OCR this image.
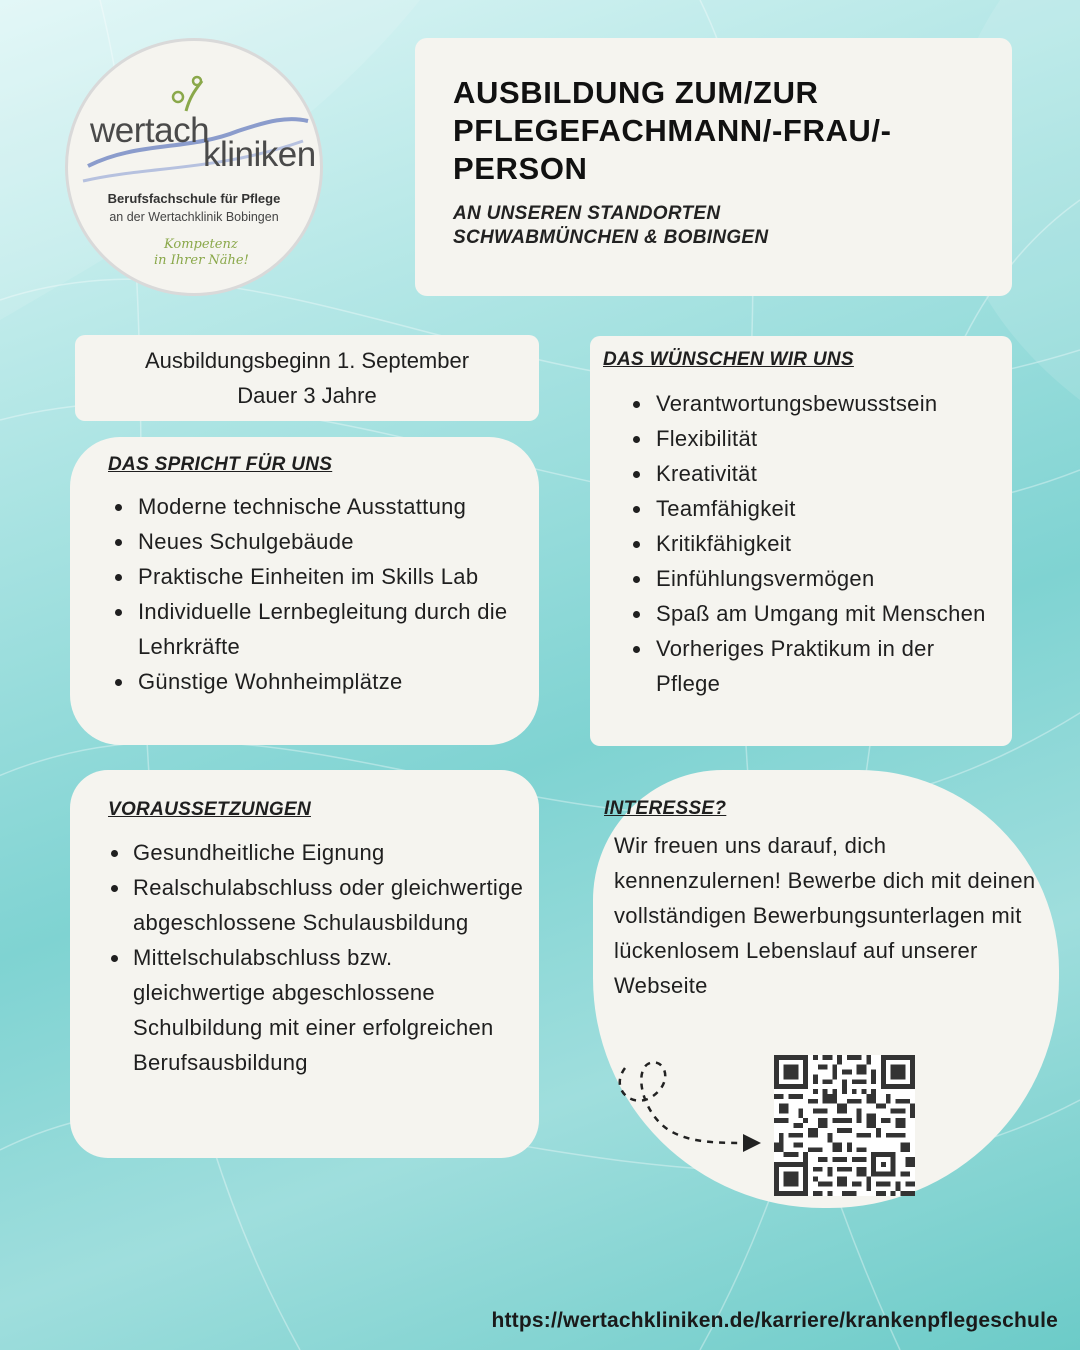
wertach
kliniken
Berufsfachschule für Pflege
an der Wertachklinik Bobingen
Kompetenz
in Ihrer Nähe!
AUSBILDUNG ZUM/ZUR PFLEGEFACHMANN/-FRAU/-PERSON
AN UNSEREN STANDORTEN
SCHWABMÜNCHEN & BOBINGEN
Ausbildungsbeginn 1. September
Dauer 3 Jahre
DAS SPRICHT FÜR UNS
Moderne technische Ausstattung
Neues Schulgebäude
Praktische Einheiten im Skills Lab
Individuelle Lernbegleitung durch die Lehrkräfte
Günstige Wohnheimplätze
DAS WÜNSCHEN WIR UNS
Verantwortungsbewusstsein
Flexibilität
Kreativität
Teamfähigkeit
Kritikfähigkeit
Einfühlungsvermögen
Spaß am Umgang mit Menschen
Vorheriges Praktikum in der Pflege
VORAUSSETZUNGEN
Gesundheitliche Eignung
Realschulabschluss oder gleichwertige abgeschlossene Schulausbildung
Mittelschulabschluss bzw. gleichwertige abgeschlossene Schulbildung mit einer erfolgreichen Berufsausbildung
INTERESSE?
Wir freuen uns darauf, dich kennenzulernen! Bewerbe dich mit deinen vollständigen Bewerbungsunterlagen mit lückenlosem Lebenslauf auf unserer Webseite
https://wertachkliniken.de/karriere/krankenpflegeschule
